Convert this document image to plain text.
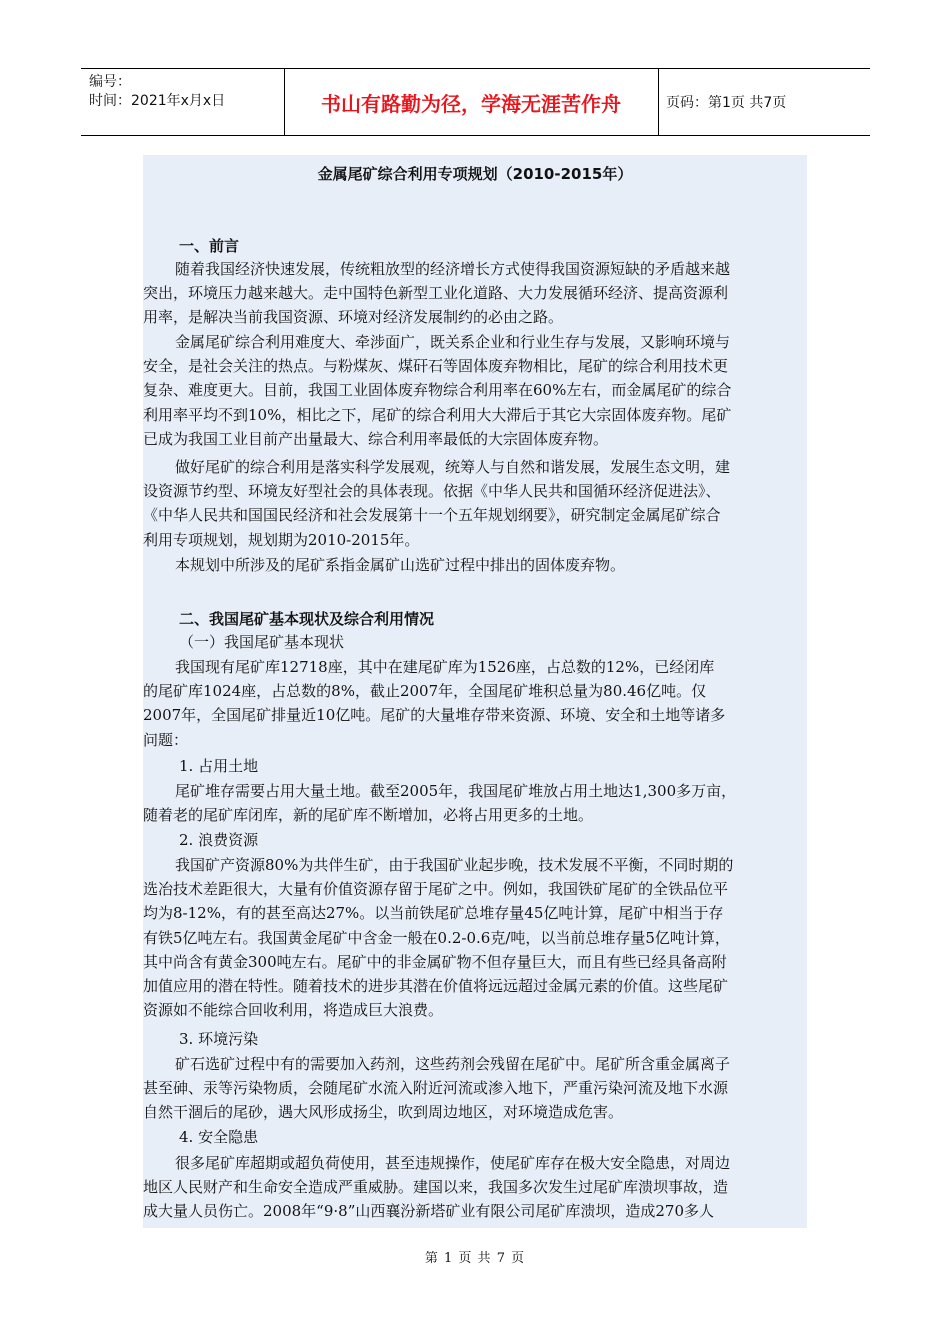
编号：
时间：2021年x月x日	书山有路勤为径，学海无涯苦作舟	页码：第1页 共7页
金属尾矿综合利用专项规划（2010-2015年）
一、前言
随着我国经济快速发展，传统粗放型的经济增长方式使得我国资源短缺的矛盾越来越
突出，环境压力越来越大。走中国特色新型工业化道路、大力发展循环经济、提高资源利
用率，是解决当前我国资源、环境对经济发展制约的必由之路。
金属尾矿综合利用难度大、牵涉面广，既关系企业和行业生存与发展，又影响环境与
安全，是社会关注的热点。与粉煤灰、煤矸石等固体废弃物相比，尾矿的综合利用技术更
复杂、难度更大。目前，我国工业固体废弃物综合利用率在60%左右，而金属尾矿的综合
利用率平均不到10%，相比之下，尾矿的综合利用大大滞后于其它大宗固体废弃物。尾矿
已成为我国工业目前产出量最大、综合利用率最低的大宗固体废弃物。
做好尾矿的综合利用是落实科学发展观，统筹人与自然和谐发展，发展生态文明，建
设资源节约型、环境友好型社会的具体表现。依据《中华人民共和国循环经济促进法》、
《中华人民共和国国民经济和社会发展第十一个五年规划纲要》，研究制定金属尾矿综合
利用专项规划，规划期为2010-2015年。
本规划中所涉及的尾矿系指金属矿山选矿过程中排出的固体废弃物。
二、我国尾矿基本现状及综合利用情况
（一）我国尾矿基本现状
我国现有尾矿库12718座，其中在建尾矿库为1526座，占总数的12%，已经闭库
的尾矿库1024座，占总数的8%，截止2007年，全国尾矿堆积总量为80.46亿吨。仅
2007年，全国尾矿排量近10亿吨。尾矿的大量堆存带来资源、环境、安全和土地等诸多
问题：
1. 占用土地
尾矿堆存需要占用大量土地。截至2005年，我国尾矿堆放占用土地达1,300多万亩，
随着老的尾矿库闭库，新的尾矿库不断增加，必将占用更多的土地。
2. 浪费资源
我国矿产资源80%为共伴生矿，由于我国矿业起步晚，技术发展不平衡，不同时期的
选冶技术差距很大，大量有价值资源存留于尾矿之中。例如，我国铁矿尾矿的全铁品位平
均为8-12%，有的甚至高达27%。以当前铁尾矿总堆存量45亿吨计算，尾矿中相当于存
有铁5亿吨左右。我国黄金尾矿中含金一般在0.2-0.6克/吨，以当前总堆存量5亿吨计算，
其中尚含有黄金300吨左右。尾矿中的非金属矿物不但存量巨大，而且有些已经具备高附
加值应用的潜在特性。随着技术的进步其潜在价值将远远超过金属元素的价值。这些尾矿
资源如不能综合回收利用，将造成巨大浪费。
3. 环境污染
矿石选矿过程中有的需要加入药剂，这些药剂会残留在尾矿中。尾矿所含重金属离子
甚至砷、汞等污染物质，会随尾矿水流入附近河流或渗入地下，严重污染河流及地下水源
自然干涸后的尾砂，遇大风形成扬尘，吹到周边地区，对环境造成危害。
4. 安全隐患
很多尾矿库超期或超负荷使用，甚至违规操作，使尾矿库存在极大安全隐患，对周边
地区人民财产和生命安全造成严重威胁。建国以来，我国多次发生过尾矿库溃坝事故，造
成大量人员伤亡。2008年“9·8”山西襄汾新塔矿业有限公司尾矿库溃坝，造成270多人
第 1 页 共 7 页
